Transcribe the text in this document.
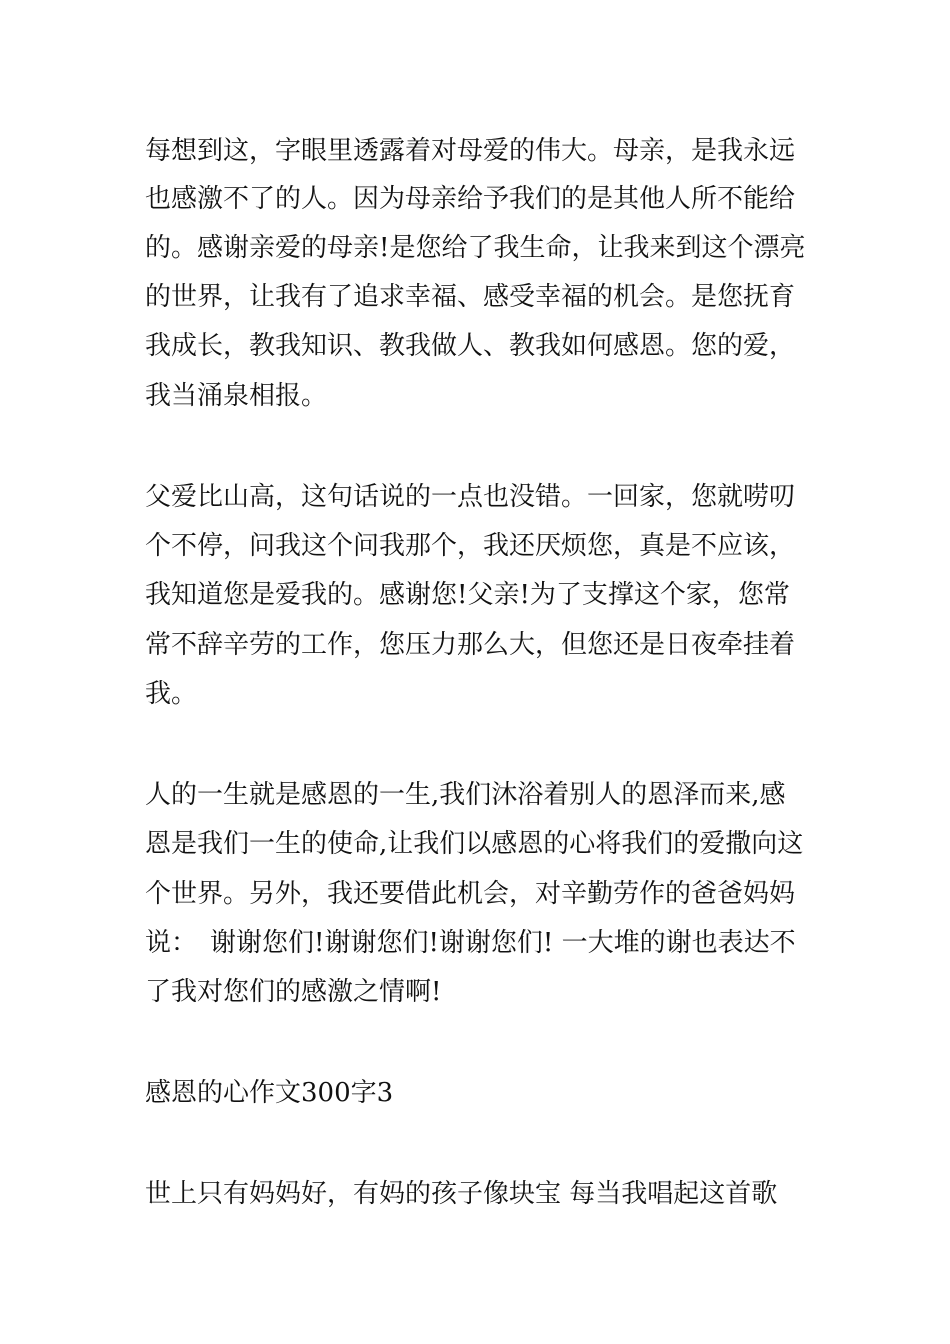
每想到这，字眼里透露着对母爱的伟大。母亲，是我永远
也感激不了的人。因为母亲给予我们的是其他人所不能给
的。感谢亲爱的母亲!是您给了我生命，让我来到这个漂亮
的世界，让我有了追求幸福、感受幸福的机会。是您抚育
我成长，教我知识、教我做人、教我如何感恩。您的爱，
我当涌泉相报。
父爱比山高，这句话说的一点也没错。一回家，您就唠叨
个不停，问我这个问我那个，我还厌烦您，真是不应该，
我知道您是爱我的。感谢您!父亲!为了支撑这个家，您常
常不辞辛劳的工作，您压力那么大，但您还是日夜牵挂着
我。
人的一生就是感恩的一生,我们沐浴着别人的恩泽而来,感
恩是我们一生的使命,让我们以感恩的心将我们的爱撒向这
个世界。另外，我还要借此机会，对辛勤劳作的爸爸妈妈
说：　谢谢您们!谢谢您们!谢谢您们! 一大堆的谢也表达不
了我对您们的感激之情啊!
感恩的心作文300字3
世上只有妈妈好，有妈的孩子像块宝 每当我唱起这首歌
